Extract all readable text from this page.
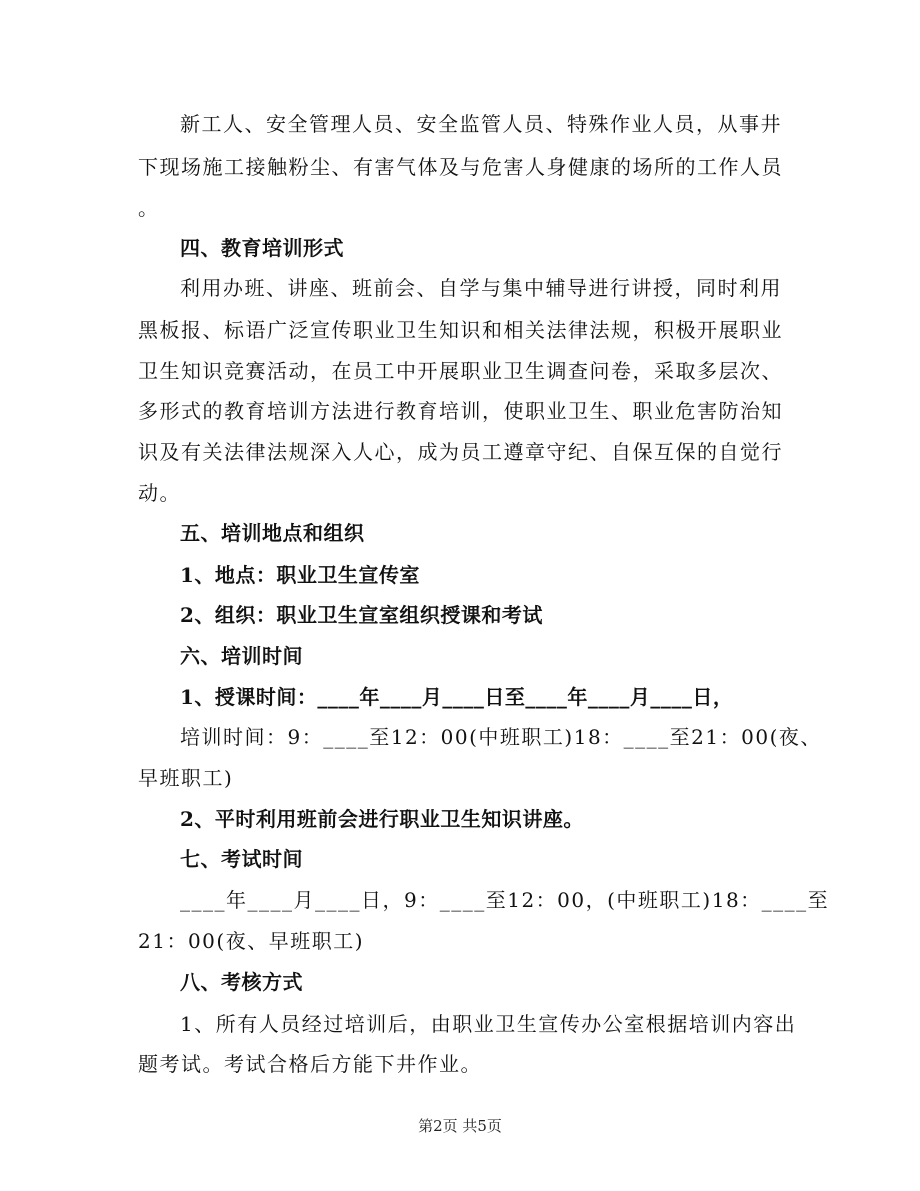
新工人、安全管理人员、安全监管人员、特殊作业人员，从事井
下现场施工接触粉尘、有害气体及与危害人身健康的场所的工作人员
。
四、教育培训形式
利用办班、讲座、班前会、自学与集中辅导进行讲授，同时利用
黑板报、标语广泛宣传职业卫生知识和相关法律法规，积极开展职业
卫生知识竞赛活动，在员工中开展职业卫生调查问卷，采取多层次、
多形式的教育培训方法进行教育培训，使职业卫生、职业危害防治知
识及有关法律法规深入人心，成为员工遵章守纪、自保互保的自觉行
动。
五、培训地点和组织
1、地点：职业卫生宣传室
2、组织：职业卫生宣室组织授课和考试
六、培训时间
1、授课时间：____年____月____日至____年____月____日，
培训时间：9：____至12：00(中班职工)18：____至21：00(夜、
早班职工)
2、平时利用班前会进行职业卫生知识讲座。
七、考试时间
____年____月____日，9：____至12：00，(中班职工)18：____至
21：00(夜、早班职工)
八、考核方式
1、所有人员经过培训后，由职业卫生宣传办公室根据培训内容出
题考试。考试合格后方能下井作业。
第2页 共5页
